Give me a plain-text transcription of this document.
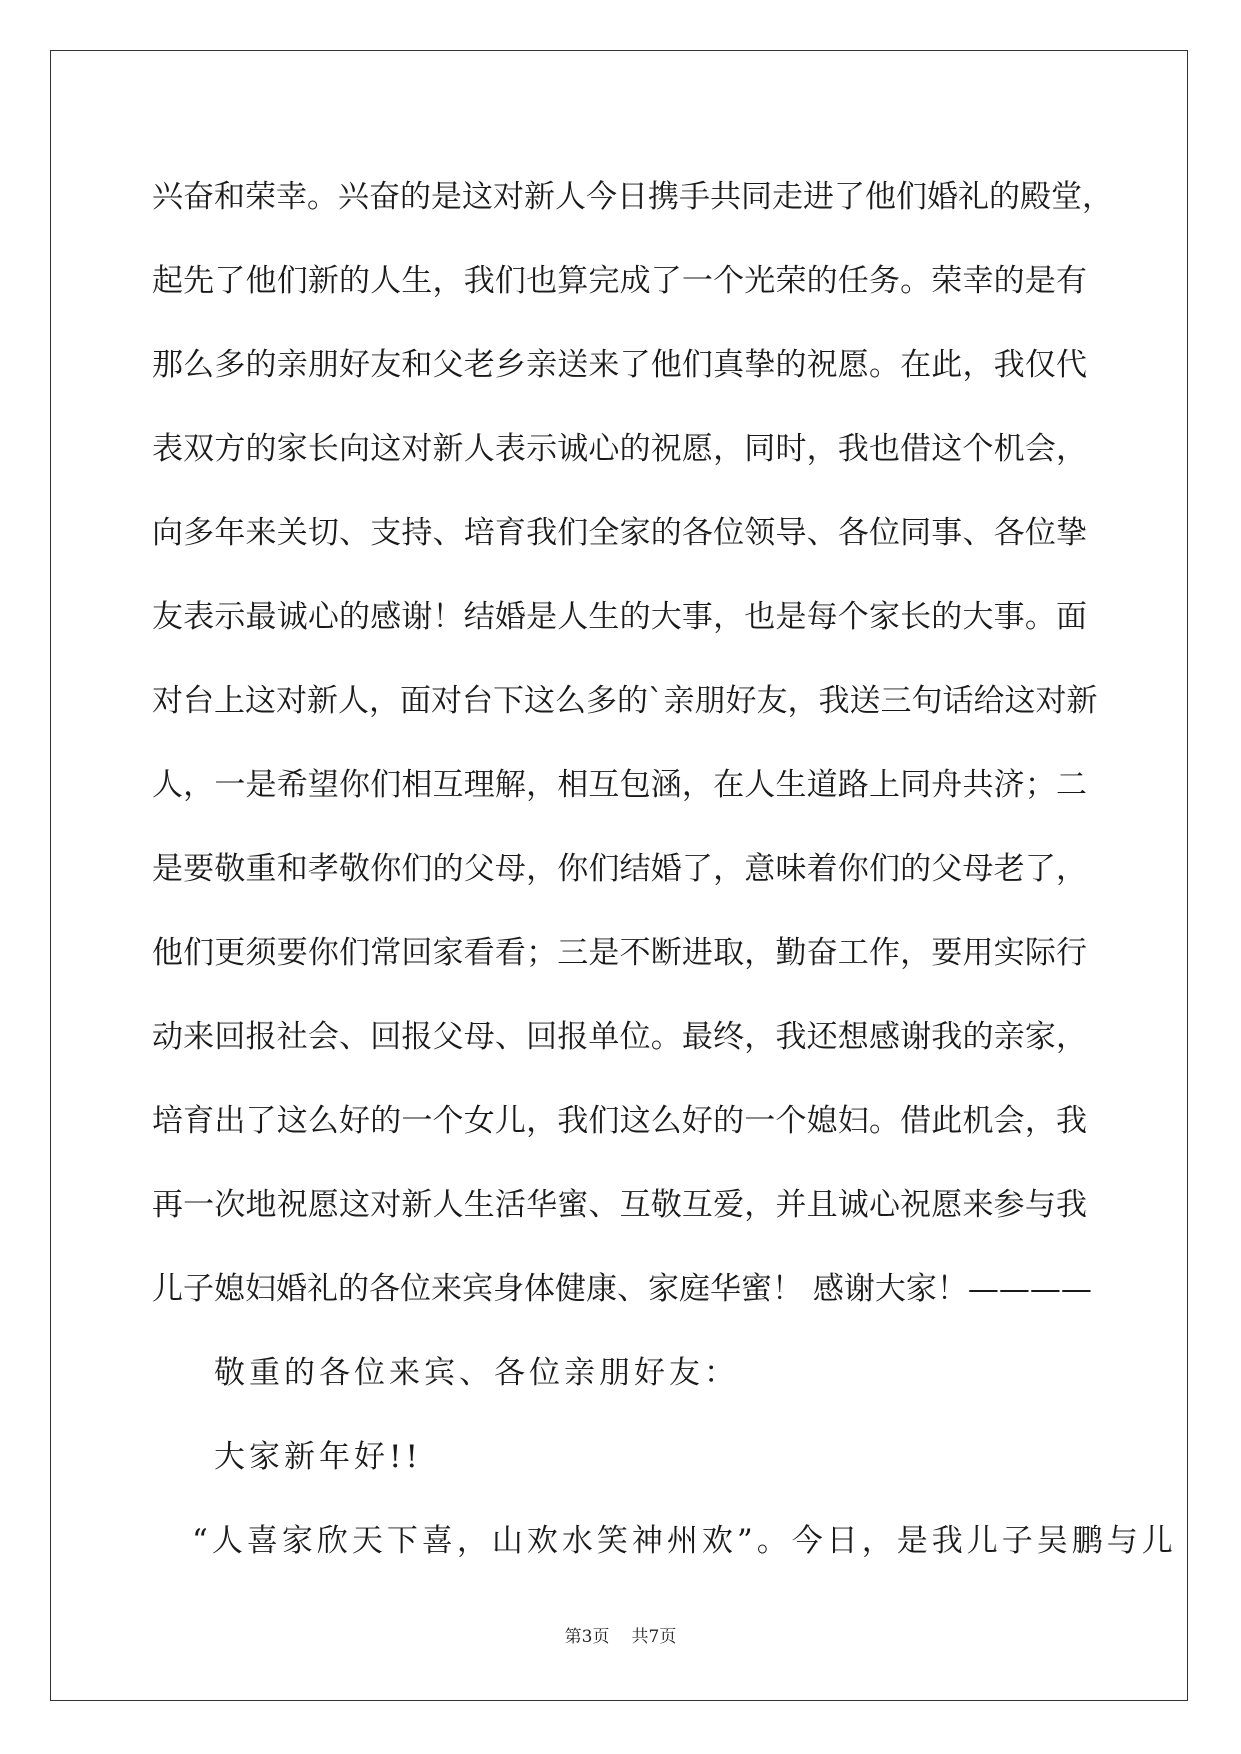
兴奋和荣幸。兴奋的是这对新人今日携手共同走进了他们婚礼的殿堂，
起先了他们新的人生，我们也算完成了一个光荣的任务。荣幸的是有
那么多的亲朋好友和父老乡亲送来了他们真挚的祝愿。在此，我仅代
表双方的家长向这对新人表示诚心的祝愿，同时，我也借这个机会，
向多年来关切、支持、培育我们全家的各位领导、各位同事、各位挚
友表示最诚心的感谢！结婚是人生的大事，也是每个家长的大事。面
对台上这对新人，面对台下这么多的`亲朋好友，我送三句话给这对新
人，一是希望你们相互理解，相互包涵，在人生道路上同舟共济；二
是要敬重和孝敬你们的父母，你们结婚了，意味着你们的父母老了，
他们更须要你们常回家看看；三是不断进取，勤奋工作，要用实际行
动来回报社会、回报父母、回报单位。最终，我还想感谢我的亲家，
培育出了这么好的一个女儿，我们这么好的一个媳妇。借此机会，我
再一次地祝愿这对新人生活华蜜、互敬互爱，并且诚心祝愿来参与我
儿子媳妇婚礼的各位来宾身体健康、家庭华蜜！ 感谢大家！————
敬重的各位来宾、各位亲朋好友：
大家新年好!!
“人喜家欣天下喜，山欢水笑神州欢”。今日，是我儿子吴鹏与儿
第3页 共7页
